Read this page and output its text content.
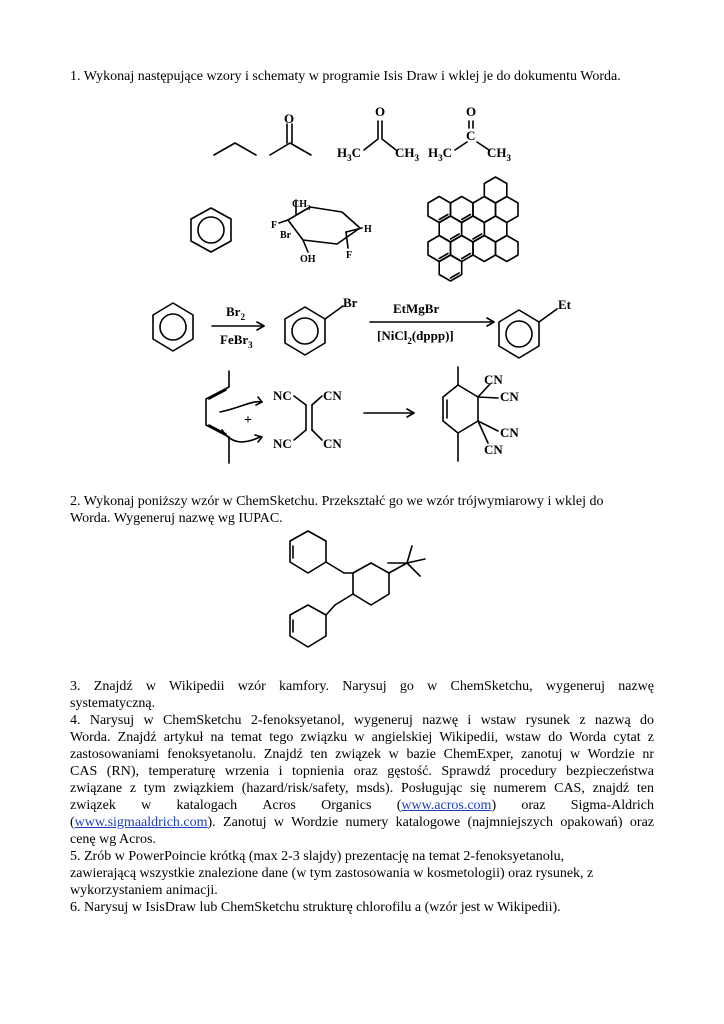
1. Wykonaj następujące wzory i schematy w programie Isis Draw i wklej je do dokumentu Worda.
O	O
$H_3C$	$CH_3$
O
C
$H_3C$	$CH_3$
$CH_3$
F
Br
OH
H
F
$Br_2$
FeBr$_3$
Br	EtMgBr
[NiCl$_2$(dppp)]
Et
+
NC CN
NC CN
CN
CN
CN
CN
2. Wykonaj poniższy wzór w ChemSketchu. Przekształć go we wzór trójwymiarowy i wklej do
Worda. Wygeneruj nazwę wg IUPAC.
3. Znajdź w Wikipedii wzór kamfory. Narysuj go w ChemSketchu, wygeneruj nazwę
systematyczną.
4. Narysuj w ChemSketchu 2-fenoksyetanol, wygeneruj nazwę i wstaw rysunek z nazwą do
Worda. Znajdź artykuł na temat tego związku w angielskiej Wikipedii, wstaw do Worda cytat z
zastosowaniami fenoksyetanolu. Znajdź ten związek w bazie ChemExper, zanotuj w Wordzie nr
CAS (RN), temperaturę wrzenia i topnienia oraz gęstość. Sprawdź procedury bezpieczeństwa
związane z tym związkiem (hazard/risk/safety, msds). Posługując się numerem CAS, znajdź ten
związek w katalogach Acros Organics (www.acros.com) oraz Sigma-Aldrich
(www.sigmaaldrich.com). Zanotuj w Wordzie numery katalogowe (najmniejszych opakowań) oraz
cenę wg Acros.
5. Zrób w PowerPoincie krótką (max 2-3 slajdy) prezentację na temat 2-fenoksyetanolu,
zawierającą wszystkie znalezione dane (w tym zastosowania w kosmetologii) oraz rysunek, z
wykorzystaniem animacji.
6. Narysuj w IsisDraw lub ChemSketchu strukturę chlorofilu a (wzór jest w Wikipedii).
